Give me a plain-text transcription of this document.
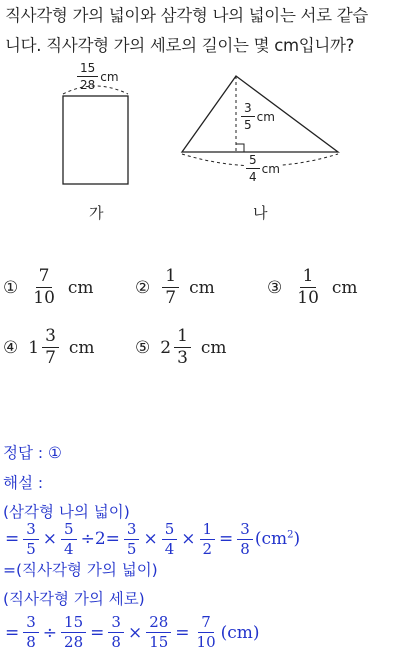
직사각형 가의 넓이와 삼각형 나의 넓이는 서로 같습
니다. 직사각형 가의 세로의 길이는 몇 cm입니까?
$\frac{15}{28}$ cm
$\frac{3}{5}$ cm
$\frac{5}{4}$ cm
가	나
① $\frac{7}{10}$ cm ② $\frac{1}{7}$ cm	③ $\frac{1}{10}$ cm
④ $1 \frac{3}{7}$ cm ⑤ $2 \frac{1}{3}$ cm
정답 : ①
해설 :
(삼각형 나의 넓이)
= $\frac{3}{5} \times \frac{5}{4} \div 2= \frac{3}{5} \times \frac{5}{4} \times \frac{1}{2} = \frac{3}{8} (cm^2)$
=(직사각형 가의 넓이)
(직사각형 가의 세로)
= $\frac{3}{8} \div \frac{15}{28} = \frac{3}{8} \times \frac{28}{15} = \frac{7}{10} (cm)$
